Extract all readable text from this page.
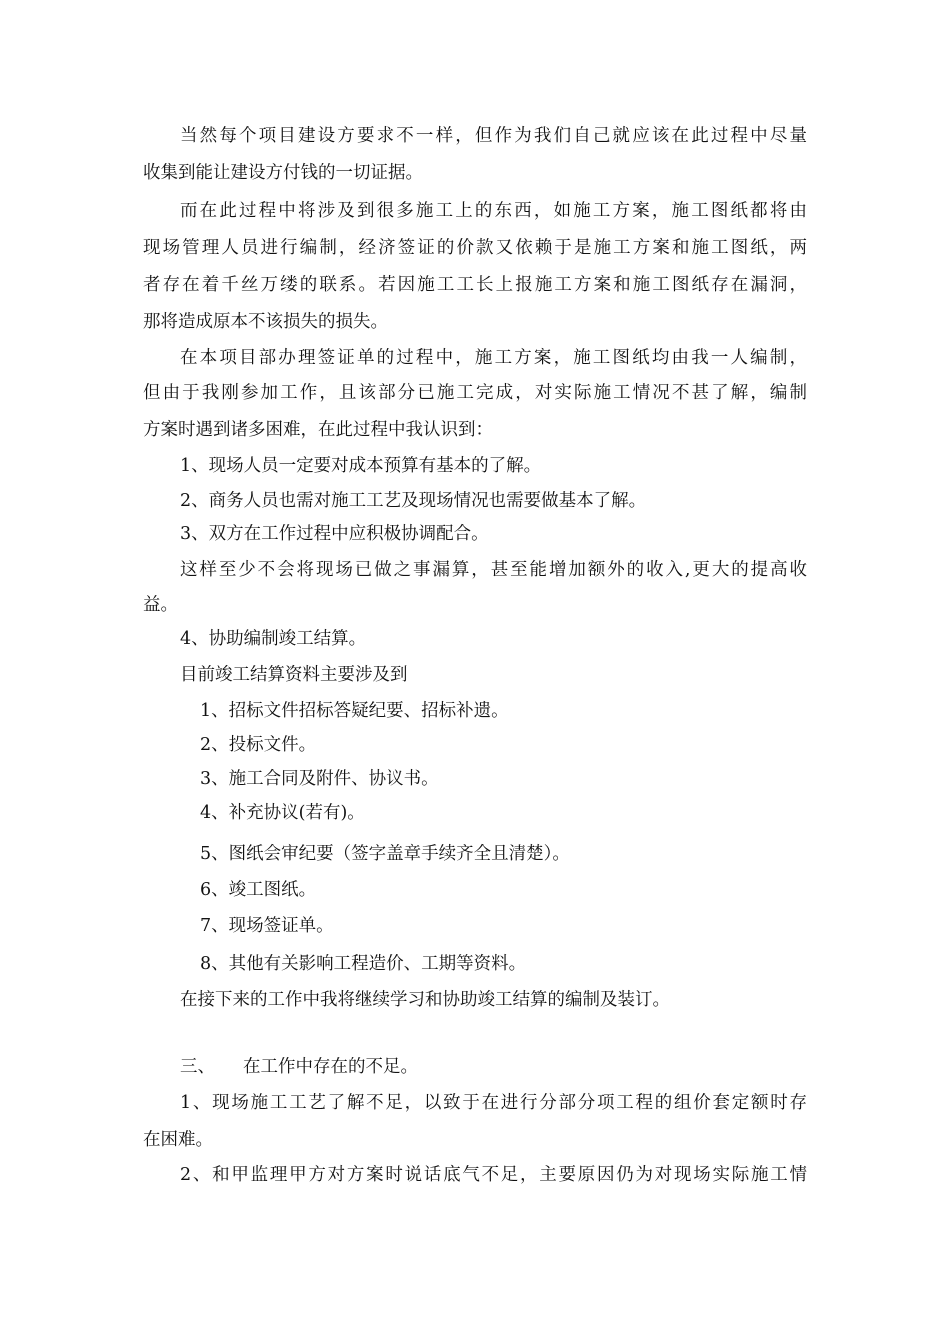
当然每个项目建设方要求不一样，但作为我们自己就应该在此过程中尽量
收集到能让建设方付钱的一切证据。
而在此过程中将涉及到很多施工上的东西，如施工方案，施工图纸都将由
现场管理人员进行编制，经济签证的价款又依赖于是施工方案和施工图纸，两
者存在着千丝万缕的联系。若因施工工长上报施工方案和施工图纸存在漏洞，
那将造成原本不该损失的损失。
在本项目部办理签证单的过程中，施工方案，施工图纸均由我一人编制，
但由于我刚参加工作，且该部分已施工完成，对实际施工情况不甚了解，编制
方案时遇到诸多困难，在此过程中我认识到：
1、现场人员一定要对成本预算有基本的了解。
2、商务人员也需对施工工艺及现场情况也需要做基本了解。
3、双方在工作过程中应积极协调配合。
这样至少不会将现场已做之事漏算，甚至能增加额外的收入,更大的提高收
益。
4、协助编制竣工结算。
目前竣工结算资料主要涉及到
1、招标文件招标答疑纪要、招标补遗。
2、投标文件。
3、施工合同及附件、协议书。
4、补充协议(若有)。
5、图纸会审纪要（签字盖章手续齐全且清楚）。
6、竣工图纸。
7、现场签证单。
8、其他有关影响工程造价、工期等资料。
在接下来的工作中我将继续学习和协助竣工结算的编制及装订。
三、 在工作中存在的不足。
1、现场施工工艺了解不足，以致于在进行分部分项工程的组价套定额时存
在困难。
2、和甲监理甲方对方案时说话底气不足，主要原因仍为对现场实际施工情
